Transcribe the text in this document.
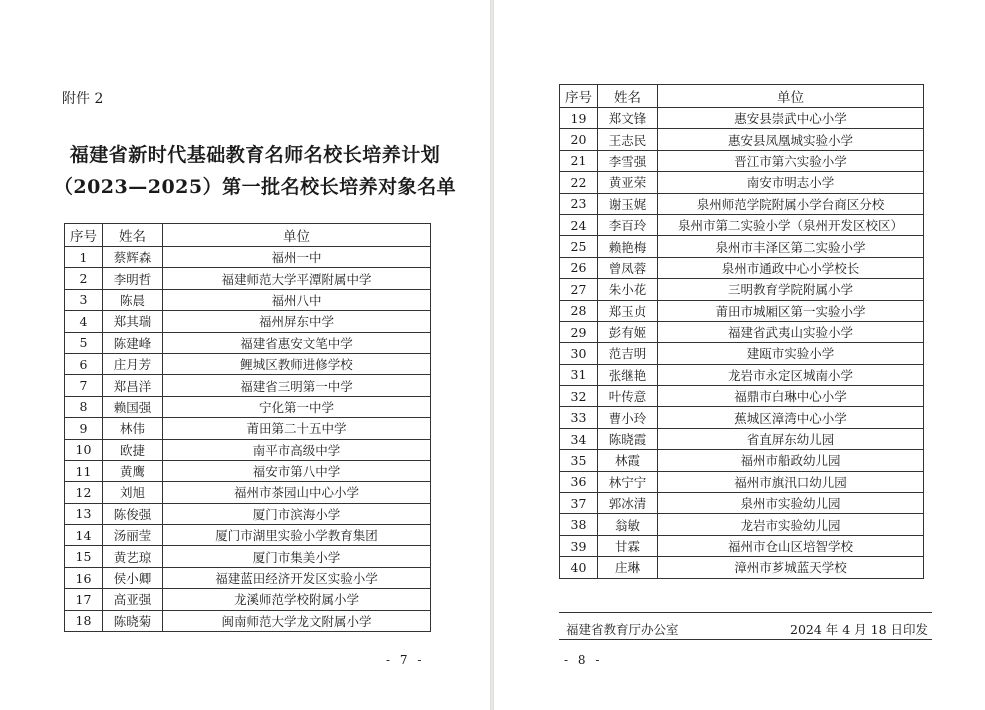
附件 2
福建省新时代基础教育名师名校长培养计划
（2023—2025）第一批名校长培养对象名单
序号	姓名	单位
1	蔡辉森	福州一中
2	李明哲	福建师范大学平潭附属中学
3	陈晨	福州八中
4	郑其瑞	福州屏东中学
5	陈建峰	福建省惠安文笔中学
6	庄月芳	鲤城区教师进修学校
7	郑昌洋	福建省三明第一中学
8	赖国强	宁化第一中学
9	林伟	莆田第二十五中学
10	欧捷	南平市高级中学
11	黄鹰	福安市第八中学
12	刘旭	福州市茶园山中心小学
13	陈俊强	厦门市滨海小学
14	汤丽莹	厦门市湖里实验小学教育集团
15	黄艺琼	厦门市集美小学
16	侯小卿	福建蓝田经济开发区实验小学
17	高亚强	龙溪师范学校附属小学
18	陈晓菊	闽南师范大学龙文附属小学
- 7 -
序号	姓名	单位
19	郑文锋	惠安县崇武中心小学
20	王志民	惠安县凤凰城实验小学
21	李雪强	晋江市第六实验小学
22	黄亚荣	南安市明志小学
23	谢玉娓	泉州师范学院附属小学台商区分校
24	李百玲	泉州市第二实验小学（泉州开发区校区）
25	赖艳梅	泉州市丰泽区第二实验小学
26	曾凤蓉	泉州市通政中心小学校长
27	朱小花	三明教育学院附属小学
28	郑玉贞	莆田市城厢区第一实验小学
29	彭有姬	福建省武夷山实验小学
30	范吉明	建瓯市实验小学
31	张继艳	龙岩市永定区城南小学
32	叶传意	福鼎市白琳中心小学
33	曹小玲	蕉城区漳湾中心小学
34	陈晓霞	省直屏东幼儿园
35	林霞	福州市船政幼儿园
36	林宁宁	福州市旗汛口幼儿园
37	郭冰清	泉州市实验幼儿园
38	翁敏	龙岩市实验幼儿园
39	甘霖	福州市仓山区培智学校
40	庄琳	漳州市芗城蓝天学校
福建省教育厅办公室	2024 年 4 月 18 日印发
- 8 -
